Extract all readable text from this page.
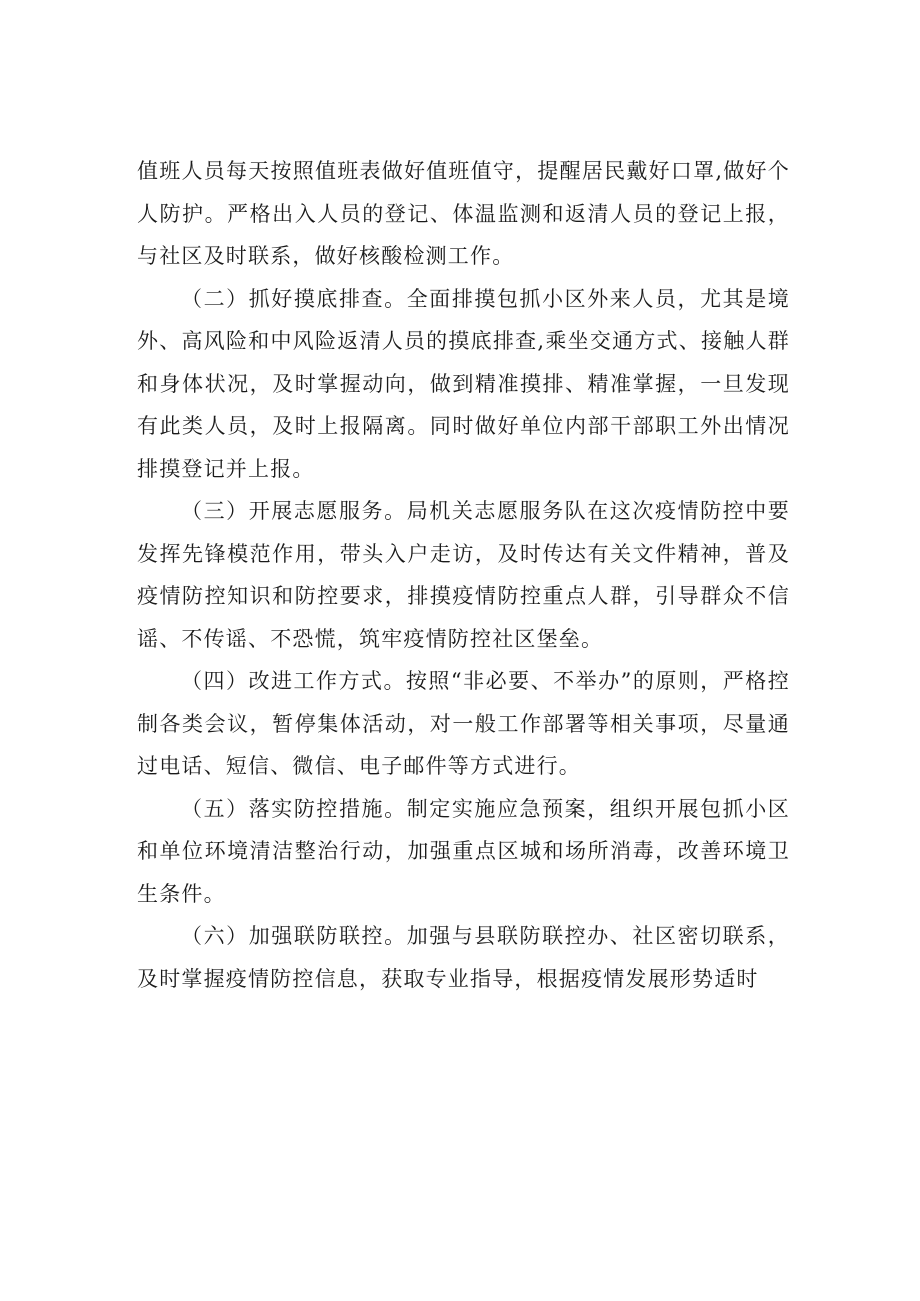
值班人员每天按照值班表做好值班值守，提醒居民戴好口罩,做好个人防护。严格出入人员的登记、体温监测和返清人员的登记上报，与社区及时联系，做好核酸检测工作。

（二）抓好摸底排查。全面排摸包抓小区外来人员，尤其是境外、高风险和中风险返清人员的摸底排查,乘坐交通方式、接触人群和身体状况，及时掌握动向，做到精准摸排、精准掌握，一旦发现有此类人员，及时上报隔离。同时做好单位内部干部职工外出情况排摸登记并上报。

（三）开展志愿服务。局机关志愿服务队在这次疫情防控中要发挥先锋模范作用，带头入户走访，及时传达有关文件精神，普及疫情防控知识和防控要求，排摸疫情防控重点人群，引导群众不信谣、不传谣、不恐慌，筑牢疫情防控社区堡垒。

（四）改进工作方式。按照“非必要、不举办”的原则，严格控制各类会议，暂停集体活动，对一般工作部署等相关事项，尽量通过电话、短信、微信、电子邮件等方式进行。

（五）落实防控措施。制定实施应急预案，组织开展包抓小区和单位环境清洁整治行动，加强重点区城和场所消毒，改善环境卫生条件。

（六）加强联防联控。加强与县联防联控办、社区密切联系，及时掌握疫情防控信息，获取专业指导，根据疫情发展形势适时
